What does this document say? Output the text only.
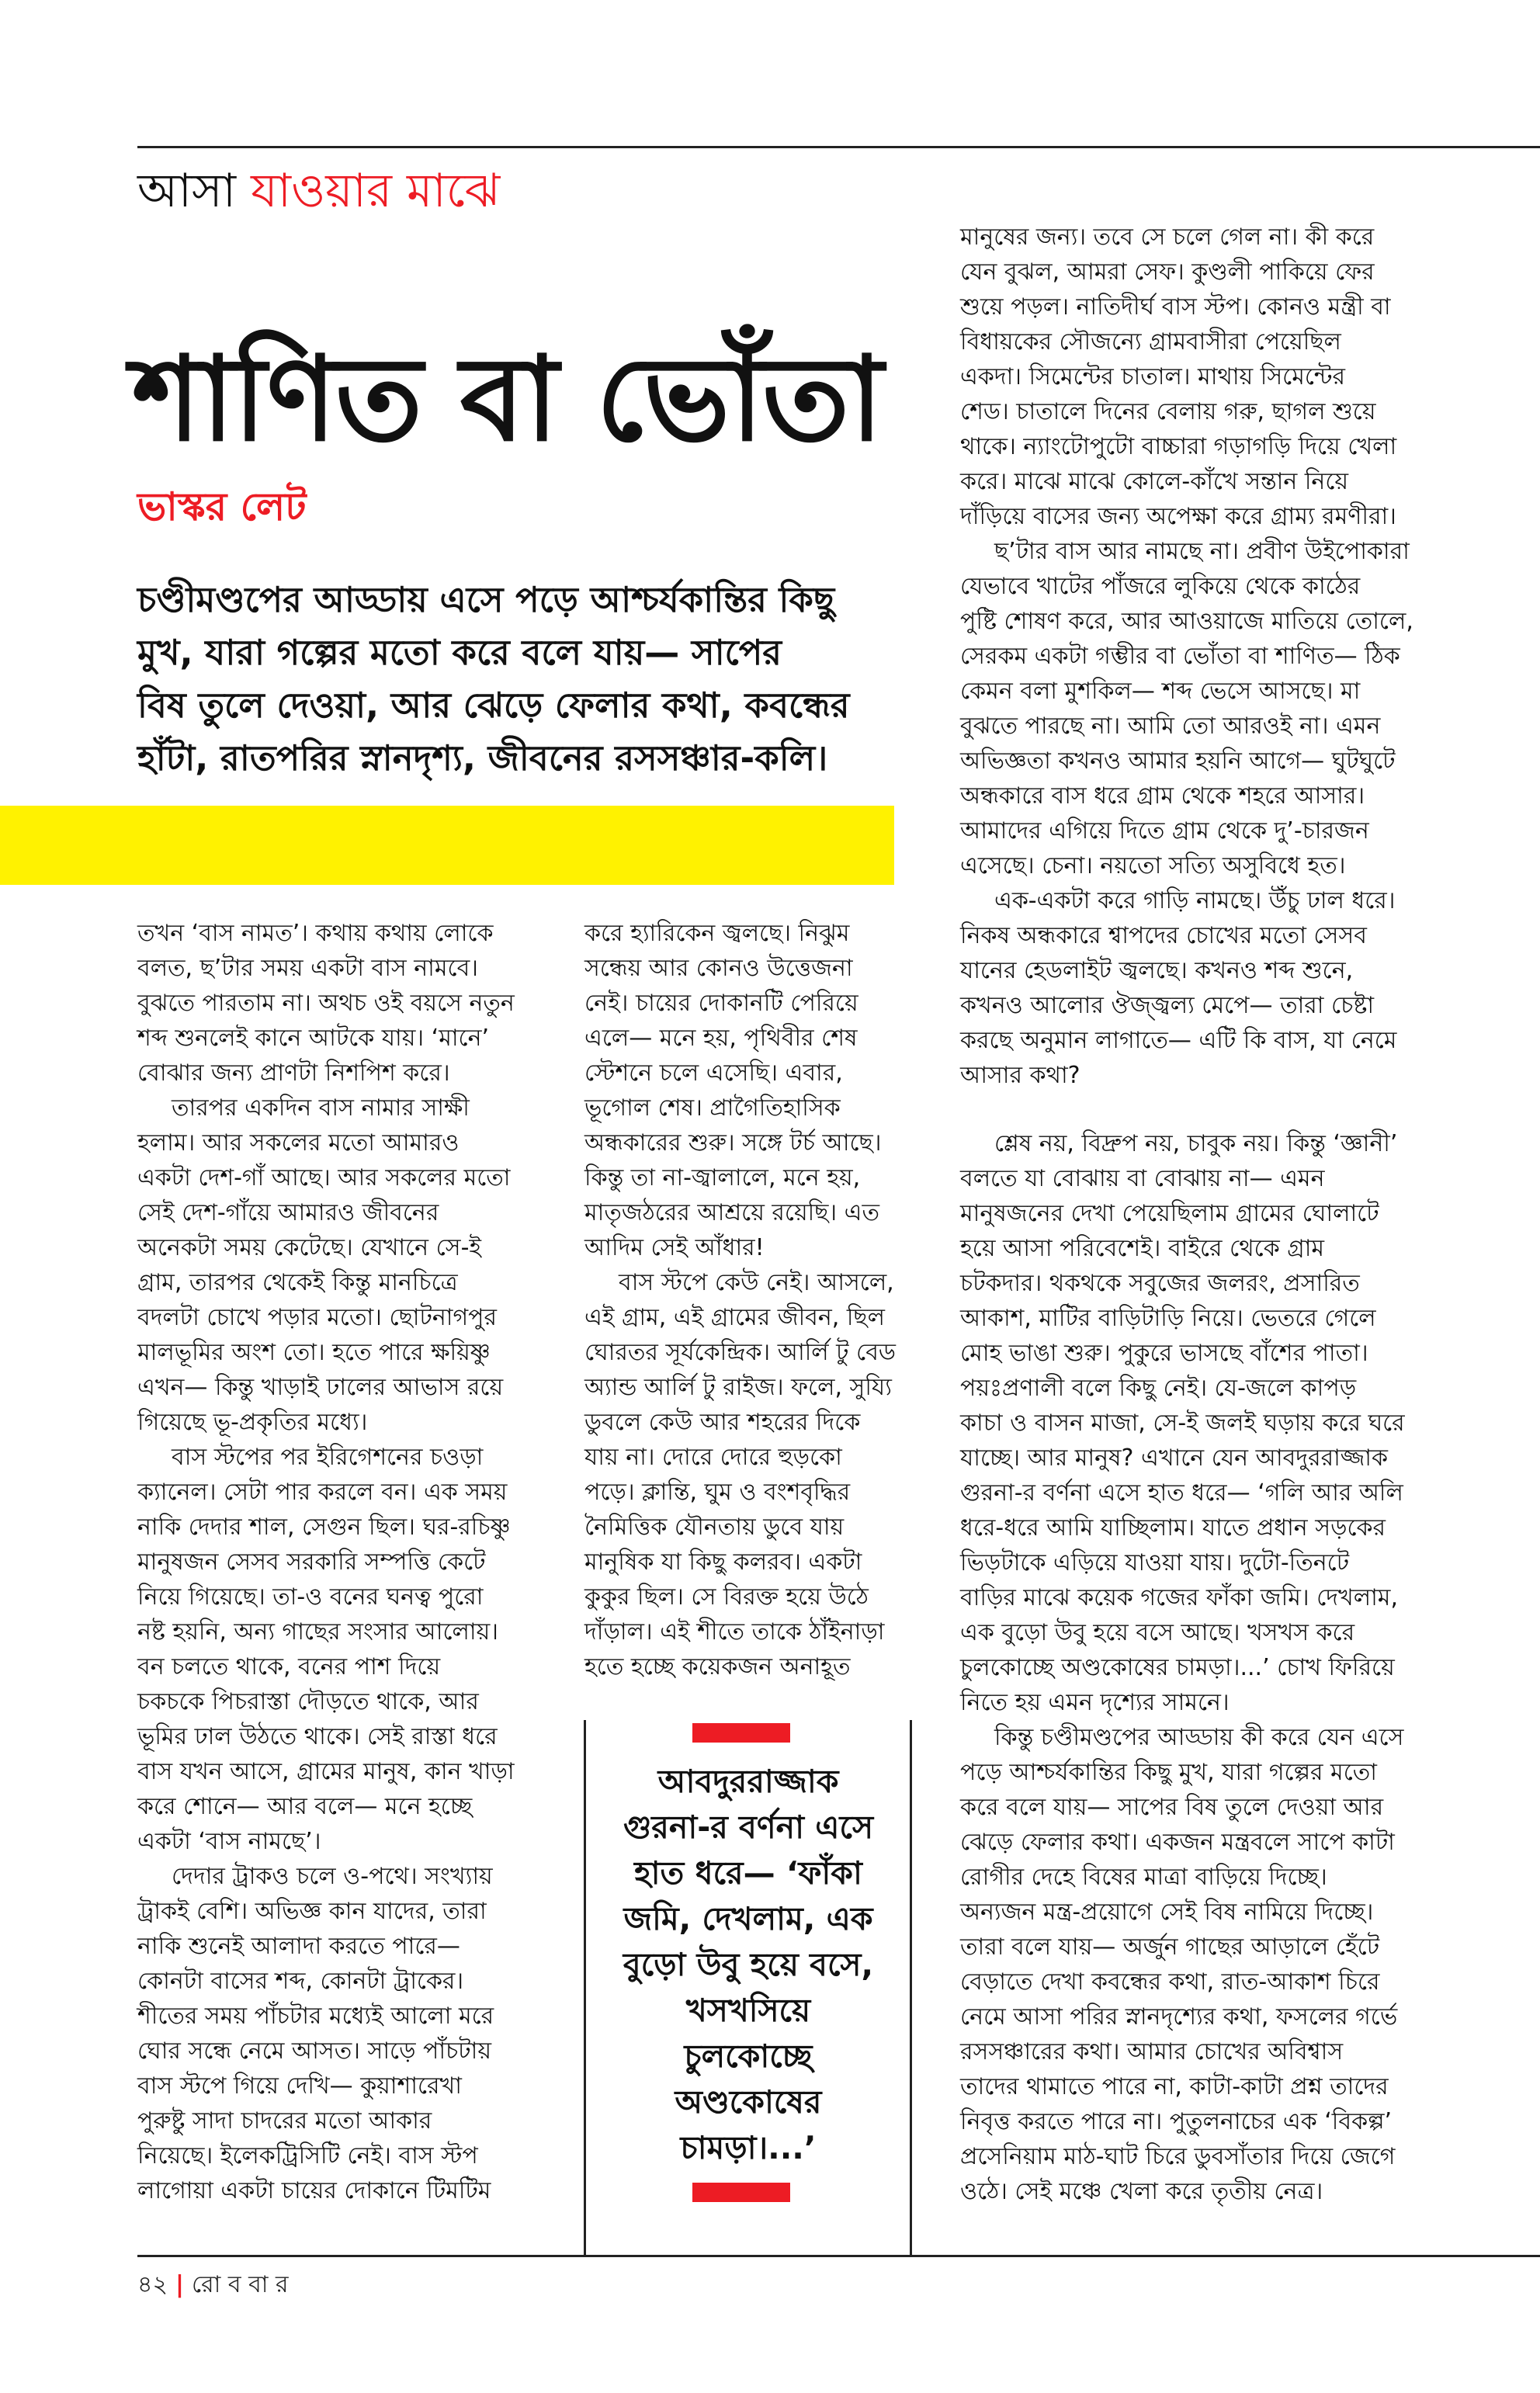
আসা যাওয়ার মাঝে
শাণিত বা ভোঁতা
ভাস্কর লেট
চণ্ডীমণ্ডপের আড্ডায় এসে পড়ে আশ্চর্যকান্তির কিছু
মুখ, যারা গল্পের মতো করে বলে যায়— সাপের
বিষ তুলে দেওয়া, আর ঝেড়ে ফেলার কথা, কবন্ধের
হাঁটা, রাতপরির স্নানদৃশ্য, জীবনের রসসঞ্চার-কলি।
তখন ‘বাস নামত’। কথায় কথায় লোকে
বলত, ছ’টার সময় একটা বাস নামবে।
বুঝতে পারতাম না। অথচ ওই বয়সে নতুন
শব্দ শুনলেই কানে আটকে যায়। ‘মানে’
বোঝার জন্য প্রাণটা নিশপিশ করে।
তারপর একদিন বাস নামার সাক্ষী
হলাম। আর সকলের মতো আমারও
একটা দেশ-গাঁ আছে। আর সকলের মতো
সেই দেশ-গাঁয়ে আমারও জীবনের
অনেকটা সময় কেটেছে। যেখানে সে-ই
গ্রাম, তারপর থেকেই কিন্তু মানচিত্রে
বদলটা চোখে পড়ার মতো। ছোটনাগপুর
মালভূমির অংশ তো। হতে পারে ক্ষয়িষ্ণু
এখন— কিন্তু খাড়াই ঢালের আভাস রয়ে
গিয়েছে ভূ-প্রকৃতির মধ্যে।
বাস স্টপের পর ইরিগেশনের চওড়া
ক্যানেল। সেটা পার করলে বন। এক সময়
নাকি দেদার শাল, সেগুন ছিল। ঘর-রচিষ্ণু
মানুষজন সেসব সরকারি সম্পত্তি কেটে
নিয়ে গিয়েছে। তা-ও বনের ঘনত্ব পুরো
নষ্ট হয়নি, অন্য গাছের সংসার আলোয়।
বন চলতে থাকে, বনের পাশ দিয়ে
চকচকে পিচরাস্তা দৌড়তে থাকে, আর
ভূমির ঢাল উঠতে থাকে। সেই রাস্তা ধরে
বাস যখন আসে, গ্রামের মানুষ, কান খাড়া
করে শোনে— আর বলে— মনে হচ্ছে
একটা ‘বাস নামছে’।
দেদার ট্রাকও চলে ও-পথে। সংখ্যায়
ট্রাকই বেশি। অভিজ্ঞ কান যাদের, তারা
নাকি শুনেই আলাদা করতে পারে—
কোনটা বাসের শব্দ, কোনটা ট্রাকের।
শীতের সময় পাঁচটার মধ্যেই আলো মরে
ঘোর সন্ধে নেমে আসত। সাড়ে পাঁচটায়
বাস স্টপে গিয়ে দেখি— কুয়াশারেখা
পুরুষ্টু সাদা চাদরের মতো আকার
নিয়েছে। ইলেকট্রিসিটি নেই। বাস স্টপ
লাগোয়া একটা চায়ের দোকানে টিমটিম
করে হ্যারিকেন জ্বলছে। নিঝুম
সন্ধেয় আর কোনও উত্তেজনা
নেই। চায়ের দোকানটি পেরিয়ে
এলে— মনে হয়, পৃথিবীর শেষ
স্টেশনে চলে এসেছি। এবার,
ভূগোল শেষ। প্রাগৈতিহাসিক
অন্ধকারের শুরু। সঙ্গে টর্চ আছে।
কিন্তু তা না-জ্বালালে, মনে হয়,
মাতৃজঠরের আশ্রয়ে রয়েছি। এত
আদিম সেই আঁধার!
বাস স্টপে কেউ নেই। আসলে,
এই গ্রাম, এই গ্রামের জীবন, ছিল
ঘোরতর সূর্যকেন্দ্রিক। আর্লি টু বেড
অ্যান্ড আর্লি টু রাইজ। ফলে, সুয্যি
ডুবলে কেউ আর শহরের দিকে
যায় না। দোরে দোরে হুড়কো
পড়ে। ক্লান্তি, ঘুম ও বংশবৃদ্ধির
নৈমিত্তিক যৌনতায় ডুবে যায়
মানুষিক যা কিছু কলরব। একটা
কুকুর ছিল। সে বিরক্ত হয়ে উঠে
দাঁড়াল। এই শীতে তাকে ঠাঁইনাড়া
হতে হচ্ছে কয়েকজন অনাহূত
মানুষের জন্য। তবে সে চলে গেল না। কী করে
যেন বুঝল, আমরা সেফ। কুণ্ডলী পাকিয়ে ফের
শুয়ে পড়ল। নাতিদীর্ঘ বাস স্টপ। কোনও মন্ত্রী বা
বিধায়কের সৌজন্যে গ্রামবাসীরা পেয়েছিল
একদা। সিমেন্টের চাতাল। মাথায় সিমেন্টের
শেড। চাতালে দিনের বেলায় গরু, ছাগল শুয়ে
থাকে। ন্যাংটোপুটো বাচ্চারা গড়াগড়ি দিয়ে খেলা
করে। মাঝে মাঝে কোলে-কাঁখে সন্তান নিয়ে
দাঁড়িয়ে বাসের জন্য অপেক্ষা করে গ্রাম্য রমণীরা।
ছ’টার বাস আর নামছে না। প্রবীণ উইপোকারা
যেভাবে খাটের পাঁজরে লুকিয়ে থেকে কাঠের
পুষ্টি শোষণ করে, আর আওয়াজে মাতিয়ে তোলে,
সেরকম একটা গম্ভীর বা ভোঁতা বা শাণিত— ঠিক
কেমন বলা মুশকিল— শব্দ ভেসে আসছে। মা
বুঝতে পারছে না। আমি তো আরওই না। এমন
অভিজ্ঞতা কখনও আমার হয়নি আগে— ঘুটঘুটে
অন্ধকারে বাস ধরে গ্রাম থেকে শহরে আসার।
আমাদের এগিয়ে দিতে গ্রাম থেকে দু’-চারজন
এসেছে। চেনা। নয়তো সত্যি অসুবিধে হত।
এক-একটা করে গাড়ি নামছে। উঁচু ঢাল ধরে।
নিকষ অন্ধকারে শ্বাপদের চোখের মতো সেসব
যানের হেডলাইট জ্বলছে। কখনও শব্দ শুনে,
কখনও আলোর ঔজ্জ্বল্য মেপে— তারা চেষ্টা
করছে অনুমান লাগাতে— এটি কি বাস, যা নেমে
আসার কথা?
শ্লেষ নয়, বিদ্রুপ নয়, চাবুক নয়। কিন্তু ‘জ্ঞানী’
বলতে যা বোঝায় বা বোঝায় না— এমন
মানুষজনের দেখা পেয়েছিলাম গ্রামের ঘোলাটে
হয়ে আসা পরিবেশেই। বাইরে থেকে গ্রাম
চটকদার। থকথকে সবুজের জলরং, প্রসারিত
আকাশ, মাটির বাড়িটাড়ি নিয়ে। ভেতরে গেলে
মোহ ভাঙা শুরু। পুকুরে ভাসছে বাঁশের পাতা।
পয়ঃপ্রণালী বলে কিছু নেই। যে-জলে কাপড়
কাচা ও বাসন মাজা, সে-ই জলই ঘড়ায় করে ঘরে
যাচ্ছে। আর মানুষ? এখানে যেন আবদুররাজ্জাক
গুরনা-র বর্ণনা এসে হাত ধরে— ‘গলি আর অলি
ধরে-ধরে আমি যাচ্ছিলাম। যাতে প্রধান সড়কের
ভিড়টাকে এড়িয়ে যাওয়া যায়। দুটো-তিনটে
বাড়ির মাঝে কয়েক গজের ফাঁকা জমি। দেখলাম,
এক বুড়ো উবু হয়ে বসে আছে। খসখস করে
চুলকোচ্ছে অণ্ডকোষের চামড়া।...’ চোখ ফিরিয়ে
নিতে হয় এমন দৃশ্যের সামনে।
কিন্তু চণ্ডীমণ্ডপের আড্ডায় কী করে যেন এসে
পড়ে আশ্চর্যকান্তির কিছু মুখ, যারা গল্পের মতো
করে বলে যায়— সাপের বিষ তুলে দেওয়া আর
ঝেড়ে ফেলার কথা। একজন মন্ত্রবলে সাপে কাটা
রোগীর দেহে বিষের মাত্রা বাড়িয়ে দিচ্ছে।
অন্যজন মন্ত্র-প্রয়োগে সেই বিষ নামিয়ে দিচ্ছে।
তারা বলে যায়— অর্জুন গাছের আড়ালে হেঁটে
বেড়াতে দেখা কবন্ধের কথা, রাত-আকাশ চিরে
নেমে আসা পরির স্নানদৃশ্যের কথা, ফসলের গর্ভে
রসসঞ্চারের কথা। আমার চোখের অবিশ্বাস
তাদের থামাতে পারে না, কাটা-কাটা প্রশ্ন তাদের
নিবৃত্ত করতে পারে না। পুতুলনাচের এক ‘বিকল্প’
প্রসেনিয়াম মাঠ-ঘাট চিরে ডুবসাঁতার দিয়ে জেগে
ওঠে। সেই মঞ্চে খেলা করে তৃতীয় নেত্র।
আবদুররাজ্জাক
গুরনা-র বর্ণনা এসে
হাত ধরে— ‘ফাঁকা
জমি, দেখলাম, এক
বুড়ো উবু হয়ে বসে,
খসখসিয়ে
চুলকোচ্ছে
অণ্ডকোষের
চামড়া।...’
৪২ | রো ব বা র
